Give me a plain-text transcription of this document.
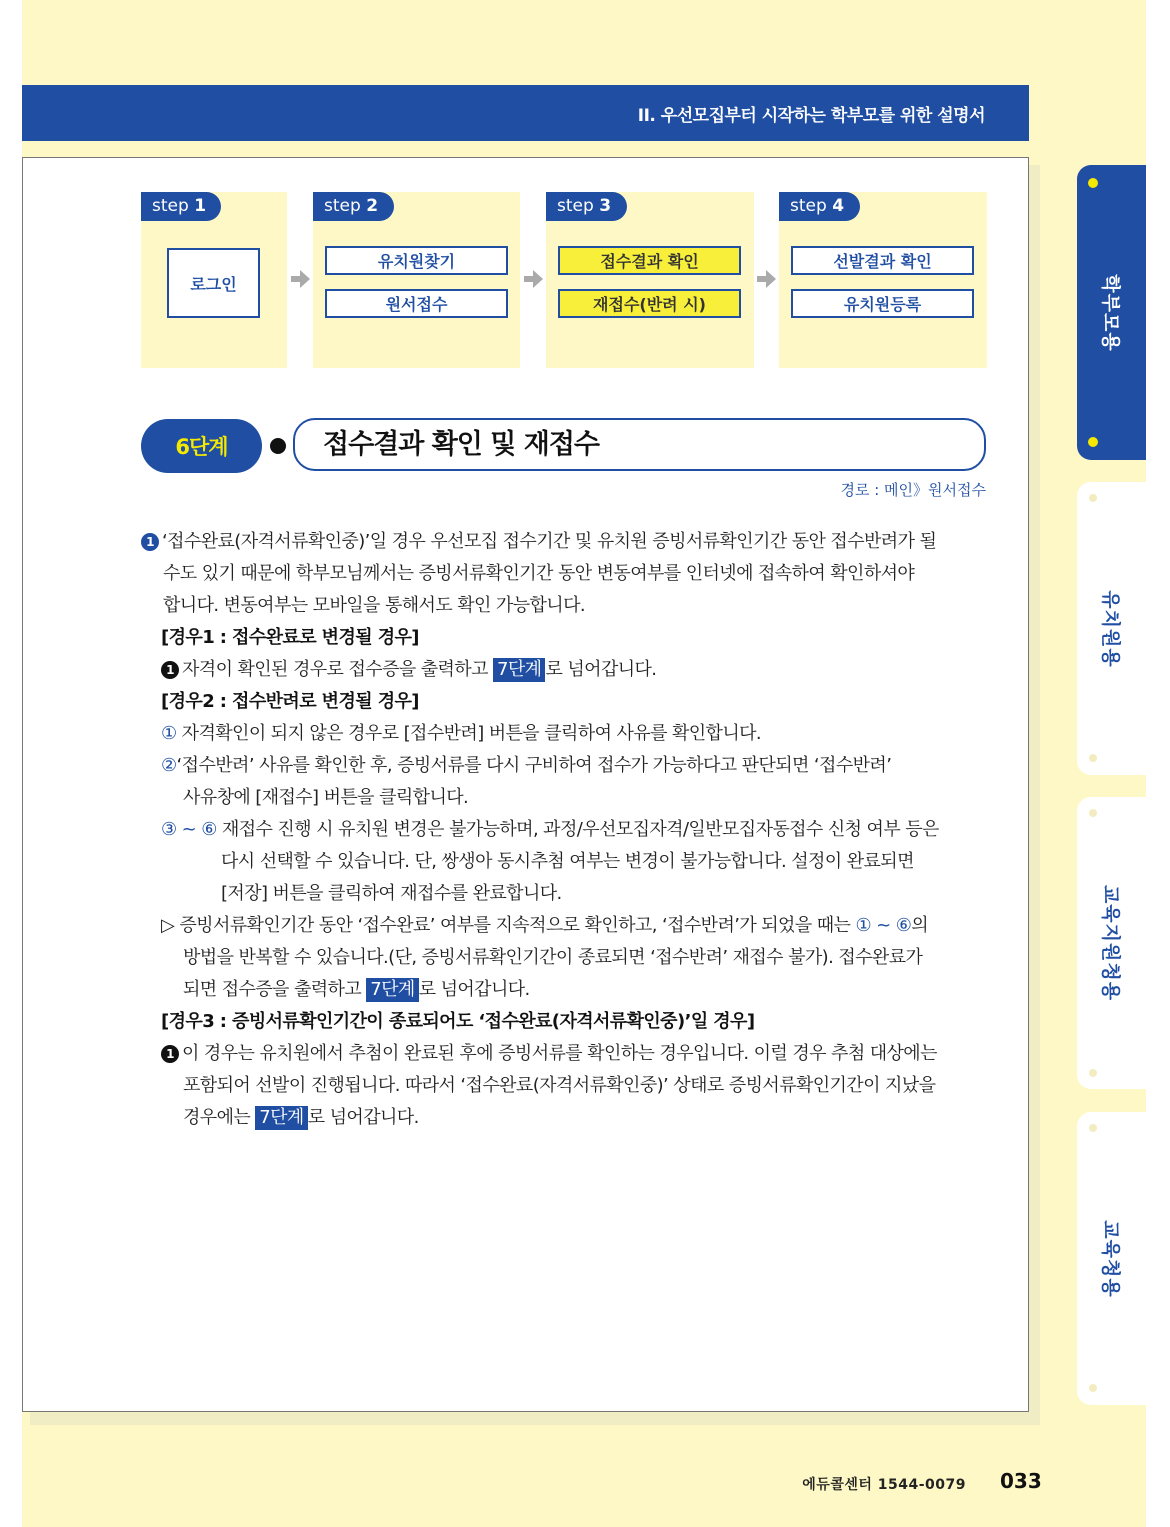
II. 우선모집부터 시작하는 학부모를 위한 설명서
학부모용
유치원용
교육지원청용
교육청용
step 1
로그인
step 2
유치원찾기
원서접수
step 3
접수결과 확인
재접수(반려 시)
step 4
선발결과 확인
유치원등록
6단계	접수결과 확인 및 재접수
경로 : 메인》원서접수
1 ‘접수완료(자격서류확인중)’일 경우 우선모집 접수기간 및 유치원 증빙서류확인기간 동안 접수반려가 될
수도 있기 때문에 학부모님께서는 증빙서류확인기간 동안 변동여부를 인터넷에 접속하여 확인하셔야
합니다. 변동여부는 모바일을 통해서도 확인 가능합니다.
[경우1 : 접수완료로 변경될 경우]
1 자격이 확인된 경우로 접수증을 출력하고 7단계 로 넘어갑니다.
[경우2 : 접수반려로 변경될 경우]
① 자격확인이 되지 않은 경우로 [접수반려] 버튼을 클릭하여 사유를 확인합니다.
②‘접수반려’ 사유를 확인한 후, 증빙서류를 다시 구비하여 접수가 가능하다고 판단되면 ‘접수반려’
사유창에 [재접수] 버튼을 클릭합니다.
③ ~ ⑥ 재접수 진행 시 유치원 변경은 불가능하며, 과정/우선모집자격/일반모집자동접수 신청 여부 등은
다시 선택할 수 있습니다. 단, 쌍생아 동시추첨 여부는 변경이 불가능합니다. 설정이 완료되면
[저장] 버튼을 클릭하여 재접수를 완료합니다.
▷ 증빙서류확인기간 동안 ‘접수완료’ 여부를 지속적으로 확인하고, ‘접수반려’가 되었을 때는 ① ~ ⑥의
방법을 반복할 수 있습니다.(단, 증빙서류확인기간이 종료되면 ‘접수반려’ 재접수 불가). 접수완료가
되면 접수증을 출력하고 7단계 로 넘어갑니다.
[경우3 : 증빙서류확인기간이 종료되어도 ‘접수완료(자격서류확인중)’일 경우]
1 이 경우는 유치원에서 추첨이 완료된 후에 증빙서류를 확인하는 경우입니다. 이럴 경우 추첨 대상에는
포함되어 선발이 진행됩니다. 따라서 ‘접수완료(자격서류확인중)’ 상태로 증빙서류확인기간이 지났을
경우에는 7단계 로 넘어갑니다.
에듀콜센터 1544-0079 033
